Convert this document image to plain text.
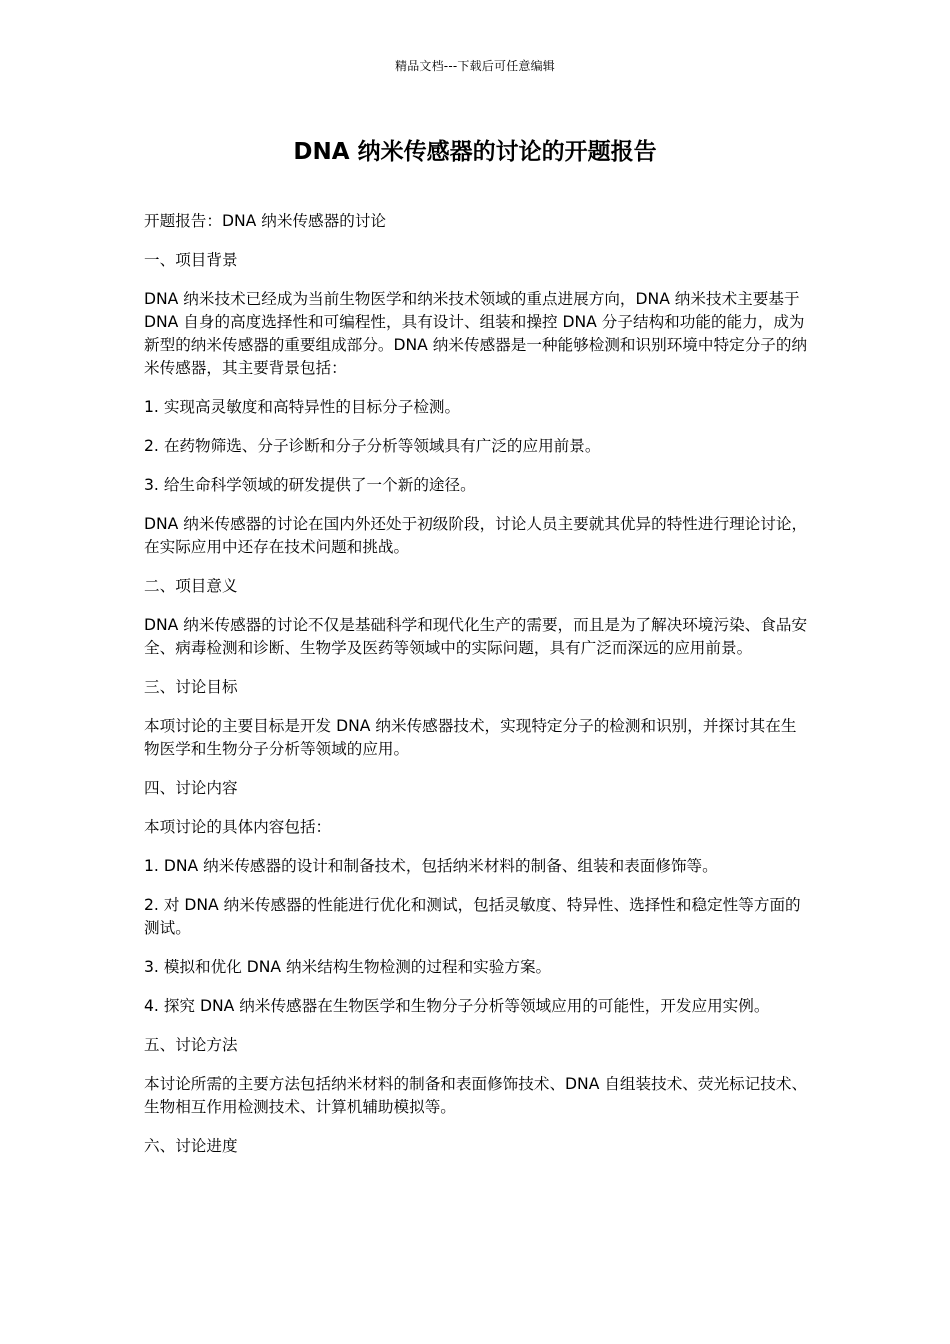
精品文档---下载后可任意编辑
DNA 纳米传感器的讨论的开题报告

开题报告：DNA 纳米传感器的讨论

一、项目背景

DNA 纳米技术已经成为当前生物医学和纳米技术领域的重点进展方向，DNA 纳米技术主要基于 DNA 自身的高度选择性和可编程性，具有设计、组装和操控 DNA 分子结构和功能的能力，成为新型的纳米传感器的重要组成部分。DNA 纳米传感器是一种能够检测和识别环境中特定分子的纳米传感器，其主要背景包括：

1. 实现高灵敏度和高特异性的目标分子检测。

2. 在药物筛选、分子诊断和分子分析等领域具有广泛的应用前景。

3. 给生命科学领域的研发提供了一个新的途径。

DNA 纳米传感器的讨论在国内外还处于初级阶段，讨论人员主要就其优异的特性进行理论讨论，在实际应用中还存在技术问题和挑战。

二、项目意义

DNA 纳米传感器的讨论不仅是基础科学和现代化生产的需要，而且是为了解决环境污染、食品安全、病毒检测和诊断、生物学及医药等领域中的实际问题，具有广泛而深远的应用前景。

三、讨论目标

本项讨论的主要目标是开发 DNA 纳米传感器技术，实现特定分子的检测和识别，并探讨其在生物医学和生物分子分析等领域的应用。

四、讨论内容

本项讨论的具体内容包括：

1. DNA 纳米传感器的设计和制备技术，包括纳米材料的制备、组装和表面修饰等。

2. 对 DNA 纳米传感器的性能进行优化和测试，包括灵敏度、特异性、选择性和稳定性等方面的测试。

3. 模拟和优化 DNA 纳米结构生物检测的过程和实验方案。

4. 探究 DNA 纳米传感器在生物医学和生物分子分析等领域应用的可能性，开发应用实例。

五、讨论方法

本讨论所需的主要方法包括纳米材料的制备和表面修饰技术、DNA 自组装技术、荧光标记技术、生物相互作用检测技术、计算机辅助模拟等。

六、讨论进度
